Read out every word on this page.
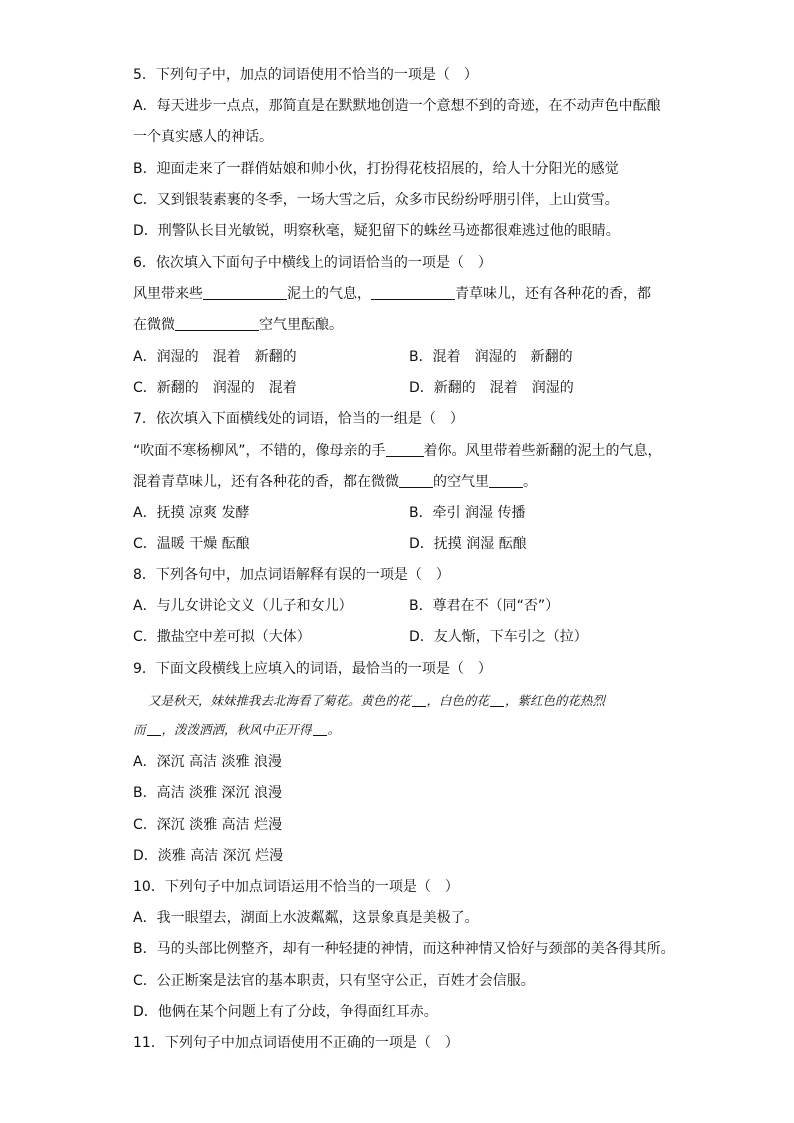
5．下列句子中，加点的词语使用不恰当的一项是（　）
A．每天进步一点点，那简直是在默默地创造一个意想不到的奇迹，在不动声色中酝酿
一个真实感人的神话。
B．迎面走来了一群俏姑娘和帅小伙，打扮得花枝招展的，给人十分阳光的感觉
C．又到银装素裹的冬季，一场大雪之后，众多市民纷纷呼朋引伴，上山赏雪。
D．刑警队长目光敏锐，明察秋毫，疑犯留下的蛛丝马迹都很难逃过他的眼睛。
6．依次填入下面句子中横线上的词语恰当的一项是（　）
风里带来些	泥土的气息，	青草味儿，还有各种花的香，都
在微微	空气里酝酿。
A．润湿的　混着　新翻的	B．混着　润湿的　新翻的
C．新翻的　润湿的　混着	D．新翻的　混着　润湿的
7．依次填入下面横线处的词语，恰当的一组是（　）
“吹面不寒杨柳风”，不错的，像母亲的手	着你。风里带着些新翻的泥土的气息，
混着青草味儿，还有各种花的香，都在微微 的空气里 。
A．抚摸 凉爽 发酵	B．牵引 润湿 传播
C．温暖 干燥 酝酿	D．抚摸 润湿 酝酿
8．下列各句中，加点词语解释有误的一项是（　）
A．与儿女讲论文义（儿子和女儿）	B．尊君在不（同“否”）
C．撒盐空中差可拟（大体）	D．友人惭，下车引之（拉）
9．下面文段横线上应填入的词语，最恰当的一项是（　）
又是秋天，妹妹推我去北海看了菊花。黄色的花 ，白色的花 ，紫红色的花热烈
而 ，泼泼洒洒，秋风中正开得 。
A．深沉 高洁 淡雅 浪漫
B．高洁 淡雅 深沉 浪漫
C．深沉 淡雅 高洁 烂漫
D．淡雅 高洁 深沉 烂漫
10．下列句子中加点词语运用不恰当的一项是（　）
A．我一眼望去，湖面上水波粼粼，这景象真是美极了。
B．马的头部比例整齐，却有一种轻捷的神情，而这种神情又恰好与颈部的美各得其所。
C．公正断案是法官的基本职责，只有坚守公正，百姓才会信服。
D．他俩在某个问题上有了分歧，争得面红耳赤。
11．下列句子中加点词语使用不正确的一项是（　）
